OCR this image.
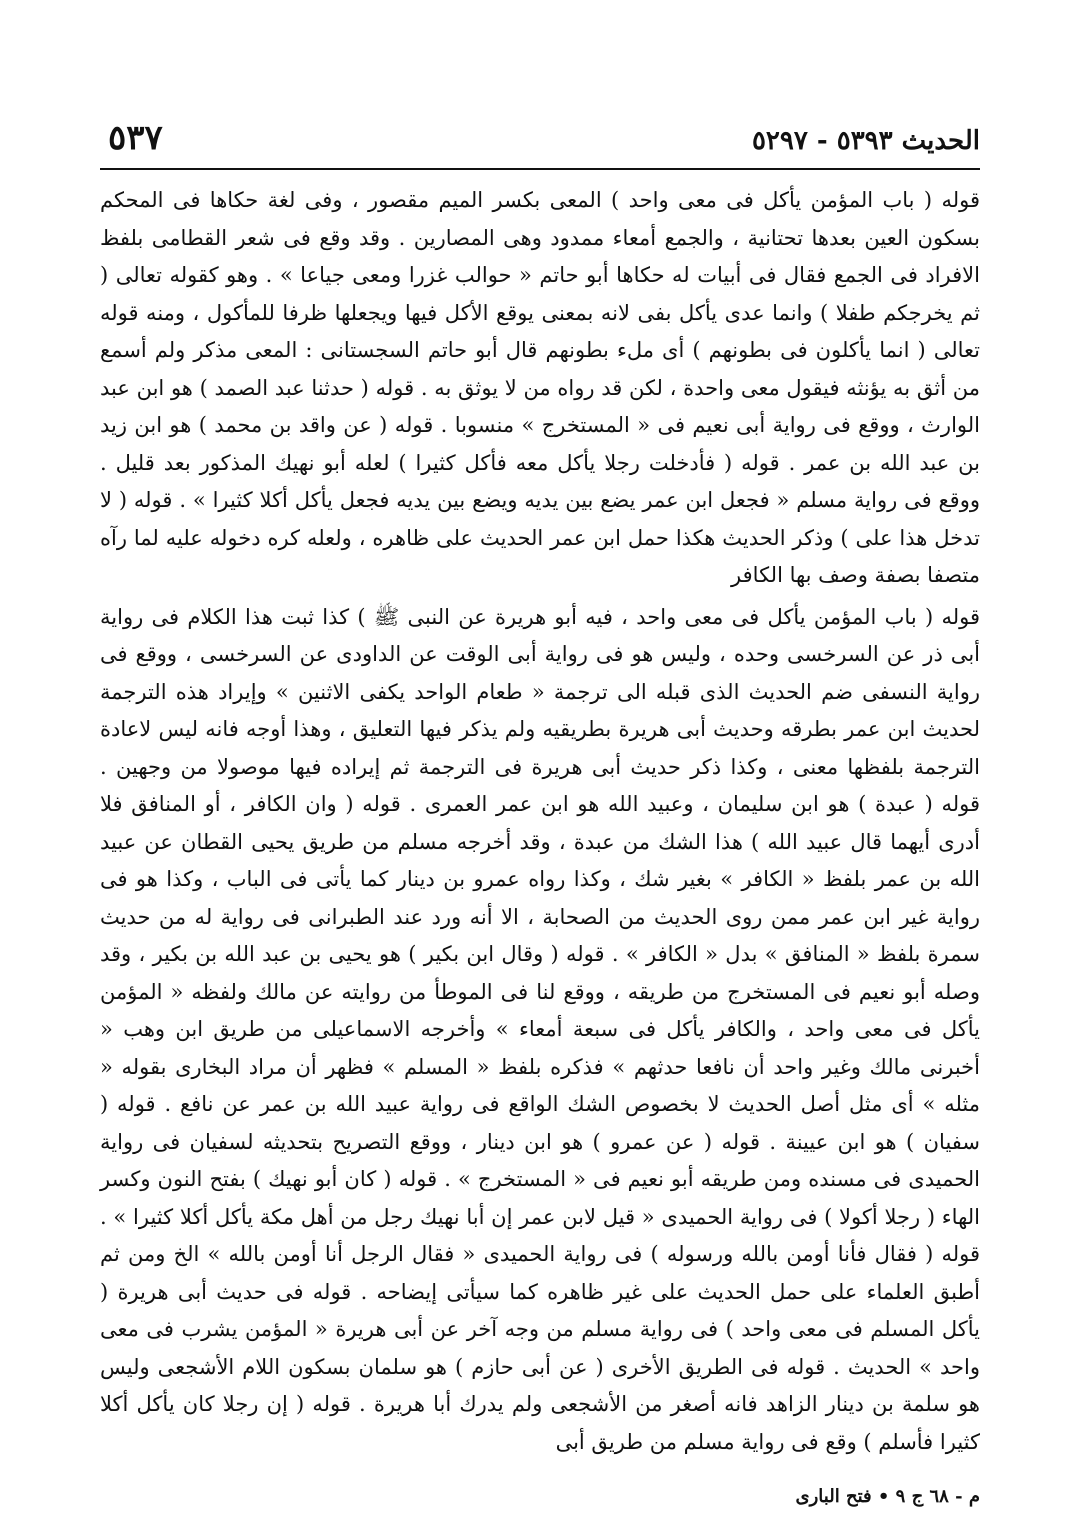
الحديث ٥٣٩٣ - ٥٢٩٧
٥٣٧

قوله ( باب المؤمن يأكل فى معى واحد ) المعى بكسر الميم مقصور ، وفى لغة حكاها فى المحكم بسكون العين بعدها تحتانية ، والجمع أمعاء ممدود وهى المصارين . وقد وقع فى شعر القطامى بلفظ الافراد فى الجمع فقال فى أبيات له حكاها أبو حاتم « حوالب غزرا ومعى جياعا » . وهو كقوله تعالى ( ثم يخرجكم طفلا ) وانما عدى يأكل بفى لانه بمعنى يوقع الأكل فيها ويجعلها ظرفا للمأكول ، ومنه قوله تعالى ( انما يأكلون فى بطونهم ) أى ملء بطونهم قال أبو حاتم السجستانى : المعى مذكر ولم أسمع من أثق به يؤنثه فيقول معى واحدة ، لكن قد رواه من لا يوثق به . قوله ( حدثنا عبد الصمد ) هو ابن عبد الوارث ، ووقع فى رواية أبى نعيم فى « المستخرج » منسوبا . قوله ( عن واقد بن محمد ) هو ابن زيد بن عبد الله بن عمر . قوله ( فأدخلت رجلا يأكل معه فأكل كثيرا ) لعله أبو نهيك المذكور بعد قليل . ووقع فى رواية مسلم « فجعل ابن عمر يضع بين يديه ويضع بين يديه فجعل يأكل أكلا كثيرا » . قوله ( لا تدخل هذا على ) وذكر الحديث هكذا حمل ابن عمر الحديث على ظاهره ، ولعله كره دخوله عليه لما رآه متصفا بصفة وصف بها الكافر

قوله ( باب المؤمن يأكل فى معى واحد ، فيه أبو هريرة عن النبى ﷺ ) كذا ثبت هذا الكلام فى رواية أبى ذر عن السرخسى وحده ، وليس هو فى رواية أبى الوقت عن الداودى عن السرخسى ، ووقع فى رواية النسفى ضم الحديث الذى قبله الى ترجمة « طعام الواحد يكفى الاثنين » وإيراد هذه الترجمة لحديث ابن عمر بطرقه وحديث أبى هريرة بطريقيه ولم يذكر فيها التعليق ، وهذا أوجه فانه ليس لاعادة الترجمة بلفظها معنى ، وكذا ذكر حديث أبى هريرة فى الترجمة ثم إيراده فيها موصولا من وجهين . قوله ( عبدة ) هو ابن سليمان ، وعبيد الله هو ابن عمر العمرى . قوله ( وان الكافر ، أو المنافق فلا أدرى أيهما قال عبيد الله ) هذا الشك من عبدة ، وقد أخرجه مسلم من طريق يحيى القطان عن عبيد الله بن عمر بلفظ « الكافر » بغير شك ، وكذا رواه عمرو بن دينار كما يأتى فى الباب ، وكذا هو فى رواية غير ابن عمر ممن روى الحديث من الصحابة ، الا أنه ورد عند الطبرانى فى رواية له من حديث سمرة بلفظ « المنافق » بدل « الكافر » . قوله ( وقال ابن بكير ) هو يحيى بن عبد الله بن بكير ، وقد وصله أبو نعيم فى المستخرج من طريقه ، ووقع لنا فى الموطأ من روايته عن مالك ولفظه « المؤمن يأكل فى معى واحد ، والكافر يأكل فى سبعة أمعاء » وأخرجه الاسماعيلى من طريق ابن وهب « أخبرنى مالك وغير واحد أن نافعا حدثهم » فذكره بلفظ « المسلم » فظهر أن مراد البخارى بقوله « مثله » أى مثل أصل الحديث لا بخصوص الشك الواقع فى رواية عبيد الله بن عمر عن نافع . قوله ( سفيان ) هو ابن عيينة . قوله ( عن عمرو ) هو ابن دينار ، ووقع التصريح بتحديثه لسفيان فى رواية الحميدى فى مسنده ومن طريقه أبو نعيم فى « المستخرج » . قوله ( كان أبو نهيك ) بفتح النون وكسر الهاء ( رجلا أكولا ) فى رواية الحميدى « قيل لابن عمر إن أبا نهيك رجل من أهل مكة يأكل أكلا كثيرا » . قوله ( فقال فأنا أومن بالله ورسوله ) فى رواية الحميدى « فقال الرجل أنا أومن بالله » الخ ومن ثم أطبق العلماء على حمل الحديث على غير ظاهره كما سيأتى إيضاحه . قوله فى حديث أبى هريرة ( يأكل المسلم فى معى واحد ) فى رواية مسلم من وجه آخر عن أبى هريرة « المؤمن يشرب فى معى واحد » الحديث . قوله فى الطريق الأخرى ( عن أبى حازم ) هو سلمان بسكون اللام الأشجعى وليس هو سلمة بن دينار الزاهد فانه أصغر من الأشجعى ولم يدرك أبا هريرة . قوله ( إن رجلا كان يأكل أكلا كثيرا فأسلم ) وقع فى رواية مسلم من طريق أبى

م - ٦٨ ج ٩ • فتح البارى
